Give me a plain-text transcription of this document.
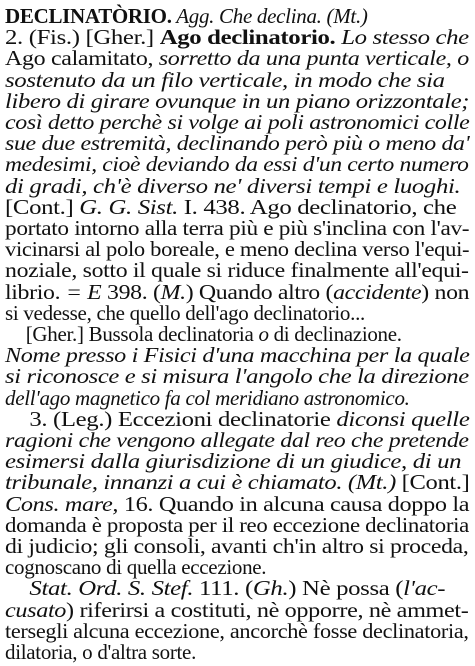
DECLINATÒRIO. Agg. Che declina. (Mt.)
2. (Fis.) [Gher.] Ago declinatorio. Lo stesso che
Ago calamitato, sorretto da una punta verticale, o
sostenuto da un filo verticale, in modo che sia
libero di girare ovunque in un piano orizzontale;
così detto perchè si volge ai poli astronomici colle
sue due estremità, declinando però più o meno da'
medesimi, cioè deviando da essi d'un certo numero
di gradi, ch'è diverso ne' diversi tempi e luoghi.
[Cont.] G. G. Sist. I. 438. Ago declinatorio, che
portato intorno alla terra più e più s'inclina con l'av-
vicinarsi al polo boreale, e meno declina verso l'equi-
noziale, sotto il quale si riduce finalmente all'equi-
librio. = E 398. (M.) Quando altro (accidente) non
si vedesse, che quello dell'ago declinatorio...
 [Gher.] Bussola declinatoria o di declinazione.
Nome presso i Fisici d'una macchina per la quale
si riconosce e si misura l'angolo che la direzione
dell'ago magnetico fa col meridiano astronomico.
 3. (Leg.) Eccezioni declinatorie diconsi quelle
ragioni che vengono allegate dal reo che pretende
esimersi dalla giurisdizione di un giudice, di un
tribunale, innanzi a cui è chiamato. (Mt.) [Cont.]
Cons. mare, 16. Quando in alcuna causa doppo la
domanda è proposta per il reo eccezione declinatoria
di judicio; gli consoli, avanti ch'in altro si proceda,
cognoscano di quella eccezione.
 Stat. Ord. S. Stef. 111. (Gh.) Nè possa (l'ac-
cusato) riferirsi a costituti, nè opporre, nè ammet-
tersegli alcuna eccezione, ancorchè fosse declinatoria,
dilatoria, o d'altra sorte.
